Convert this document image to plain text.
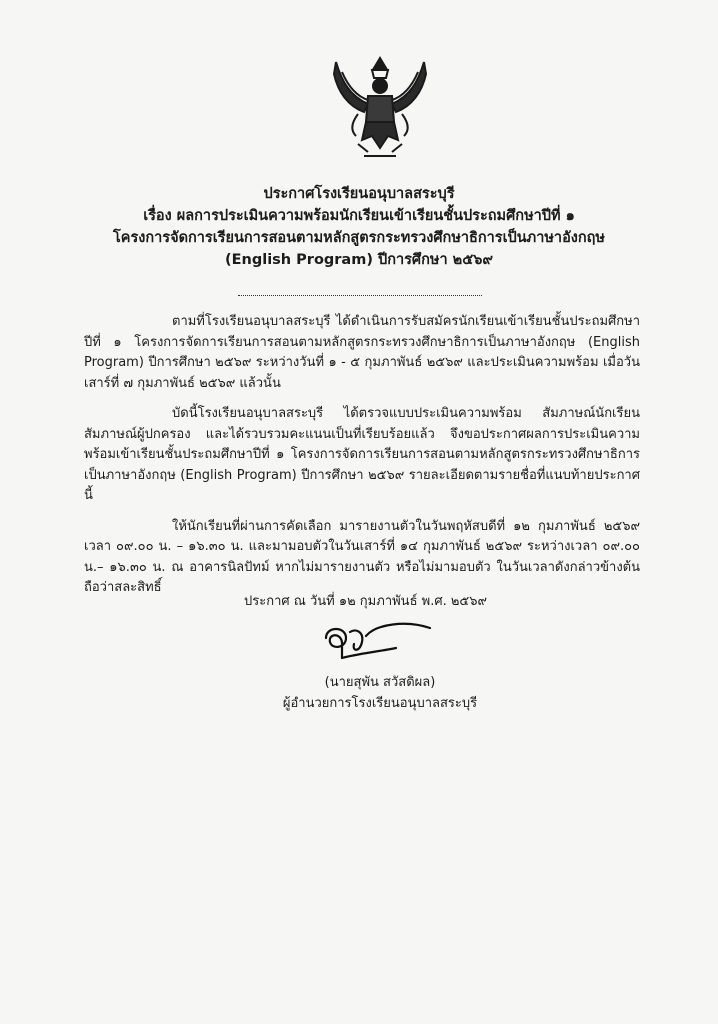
ประกาศโรงเรียนอนุบาลสระบุรี
เรื่อง ผลการประเมินความพร้อมนักเรียนเข้าเรียนชั้นประถมศึกษาปีที่ ๑
โครงการจัดการเรียนการสอนตามหลักสูตรกระทรวงศึกษาธิการเป็นภาษาอังกฤษ
(English Program) ปีการศึกษา ๒๕๖๙

ตามที่โรงเรียนอนุบาลสระบุรี ได้ดำเนินการรับสมัครนักเรียนเข้าเรียนชั้นประถมศึกษาปีที่ ๑ โครงการจัดการเรียนการสอนตามหลักสูตรกระทรวงศึกษาธิการเป็นภาษาอังกฤษ (English Program) ปีการศึกษา ๒๕๖๙ ระหว่างวันที่ ๑ - ๕ กุมภาพันธ์ ๒๕๖๙ และประเมินความพร้อม เมื่อวันเสาร์ที่ ๗ กุมภาพันธ์ ๒๕๖๙ แล้วนั้น

บัดนี้โรงเรียนอนุบาลสระบุรี ได้ตรวจแบบประเมินความพร้อม สัมภาษณ์นักเรียน สัมภาษณ์ผู้ปกครอง และได้รวบรวมคะแนนเป็นที่เรียบร้อยแล้ว จึงขอประกาศผลการประเมินความพร้อมเข้าเรียนชั้นประถมศึกษาปีที่ ๑ โครงการจัดการเรียนการสอนตามหลักสูตรกระทรวงศึกษาธิการเป็นภาษาอังกฤษ (English Program) ปีการศึกษา ๒๕๖๙ รายละเอียดตามรายชื่อที่แนบท้ายประกาศนี้

ให้นักเรียนที่ผ่านการคัดเลือก มารายงานตัวในวันพฤหัสบดีที่ ๑๒ กุมภาพันธ์ ๒๕๖๙ เวลา ๐๙.๐๐ น. – ๑๖.๓๐ น. และมามอบตัวในวันเสาร์ที่ ๑๔ กุมภาพันธ์ ๒๕๖๙ ระหว่างเวลา ๐๙.๐๐ น.– ๑๖.๓๐ น. ณ อาคารนิลปัทม์ หากไม่มารายงานตัว หรือไม่มามอบตัว ในวันเวลาดังกล่าวข้างต้น ถือว่าสละสิทธิ์

ประกาศ ณ วันที่ ๑๒ กุมภาพันธ์ พ.ศ. ๒๕๖๙
(นายสุพัน สวัสดิผล)
ผู้อำนวยการโรงเรียนอนุบาลสระบุรี
